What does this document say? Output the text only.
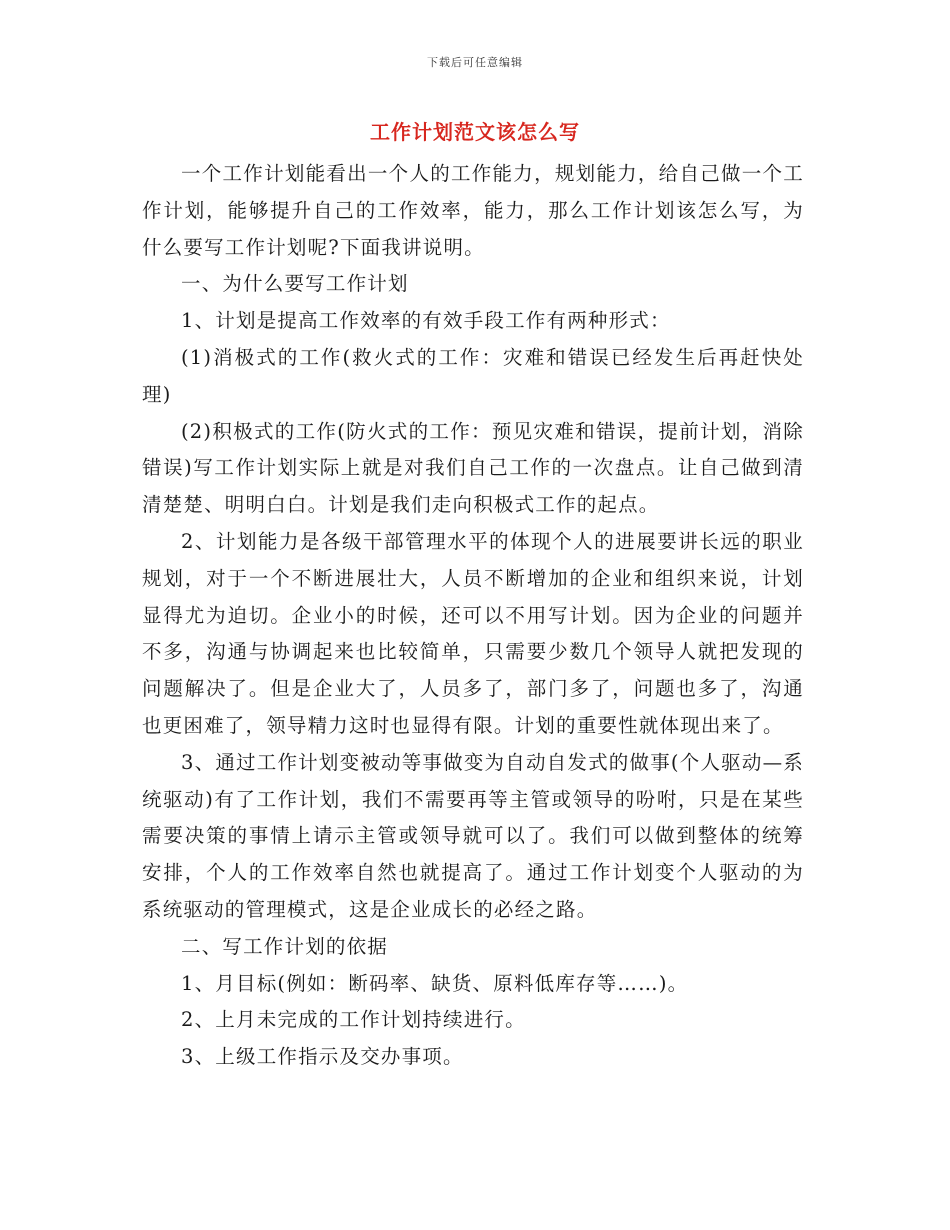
下载后可任意编辑
工作计划范文该怎么写

一个工作计划能看出一个人的工作能力，规划能力，给自己做一个工作计划，能够提升自己的工作效率，能力，那么工作计划该怎么写，为什么要写工作计划呢?下面我讲说明。

一、为什么要写工作计划

1、计划是提高工作效率的有效手段工作有两种形式：

(1)消极式的工作(救火式的工作：灾难和错误已经发生后再赶快处理)

(2)积极式的工作(防火式的工作：预见灾难和错误，提前计划，消除错误)写工作计划实际上就是对我们自己工作的一次盘点。让自己做到清清楚楚、明明白白。计划是我们走向积极式工作的起点。

2、计划能力是各级干部管理水平的体现个人的进展要讲长远的职业规划，对于一个不断进展壮大，人员不断增加的企业和组织来说，计划显得尤为迫切。企业小的时候，还可以不用写计划。因为企业的问题并不多，沟通与协调起来也比较简单，只需要少数几个领导人就把发现的问题解决了。但是企业大了，人员多了，部门多了，问题也多了，沟通也更困难了，领导精力这时也显得有限。计划的重要性就体现出来了。

3、通过工作计划变被动等事做变为自动自发式的做事(个人驱动—系统驱动)有了工作计划，我们不需要再等主管或领导的吩咐，只是在某些需要决策的事情上请示主管或领导就可以了。我们可以做到整体的统筹安排，个人的工作效率自然也就提高了。通过工作计划变个人驱动的为系统驱动的管理模式，这是企业成长的必经之路。

二、写工作计划的依据

1、月目标(例如：断码率、缺货、原料低库存等……)。

2、上月未完成的工作计划持续进行。

3、上级工作指示及交办事项。
